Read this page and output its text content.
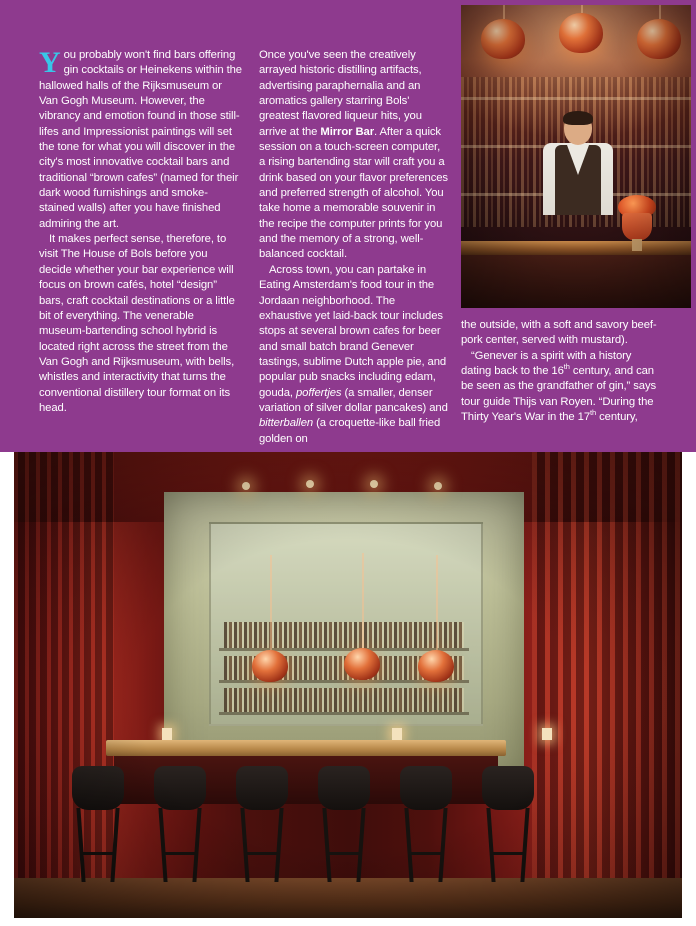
You probably won't find bars offering gin cocktails or Heinekens within the hallowed halls of the Rijksmuseum or Van Gogh Museum. However, the vibrancy and emotion found in those still-lifes and Impressionist paintings will set the tone for what you will discover in the city's most innovative cocktail bars and traditional “brown cafes” (named for their dark wood furnishings and smoke-stained walls) after you have finished admiring the art.

It makes perfect sense, therefore, to visit The House of Bols before you decide whether your bar experience will focus on brown cafés, hotel “design” bars, craft cocktail destinations or a little bit of everything. The venerable museum-bartending school hybrid is located right across the street from the Van Gogh and Rijksmuseum, with bells, whistles and interactivity that turns the conventional distillery tour format on its head.

Once you've seen the creatively arrayed historic distilling artifacts, advertising paraphernalia and an aromatics gallery starring Bols' greatest flavored liqueur hits, you arrive at the Mirror Bar. After a quick session on a touch-screen computer, a rising bartending star will craft you a drink based on your flavor preferences and preferred strength of alcohol. You take home a memorable souvenir in the recipe the computer prints for you and the memory of a strong, well-balanced cocktail.

Across town, you can partake in Eating Amsterdam's food tour in the Jordaan neighborhood. The exhaustive yet laid-back tour includes stops at several brown cafes for beer and small batch brand Genever tastings, sublime Dutch apple pie, and popular pub snacks including edam, gouda, poffertjes (a smaller, denser variation of silver dollar pancakes) and bitterballen (a croquette-like ball fried golden on

the outside, with a soft and savory beef-pork center, served with mustard).

“Genever is a spirit with a history dating back to the 16th century, and can be seen as the grandfather of gin,” says tour guide Thijs van Royen. “During the Thirty Year's War in the 17th century,
